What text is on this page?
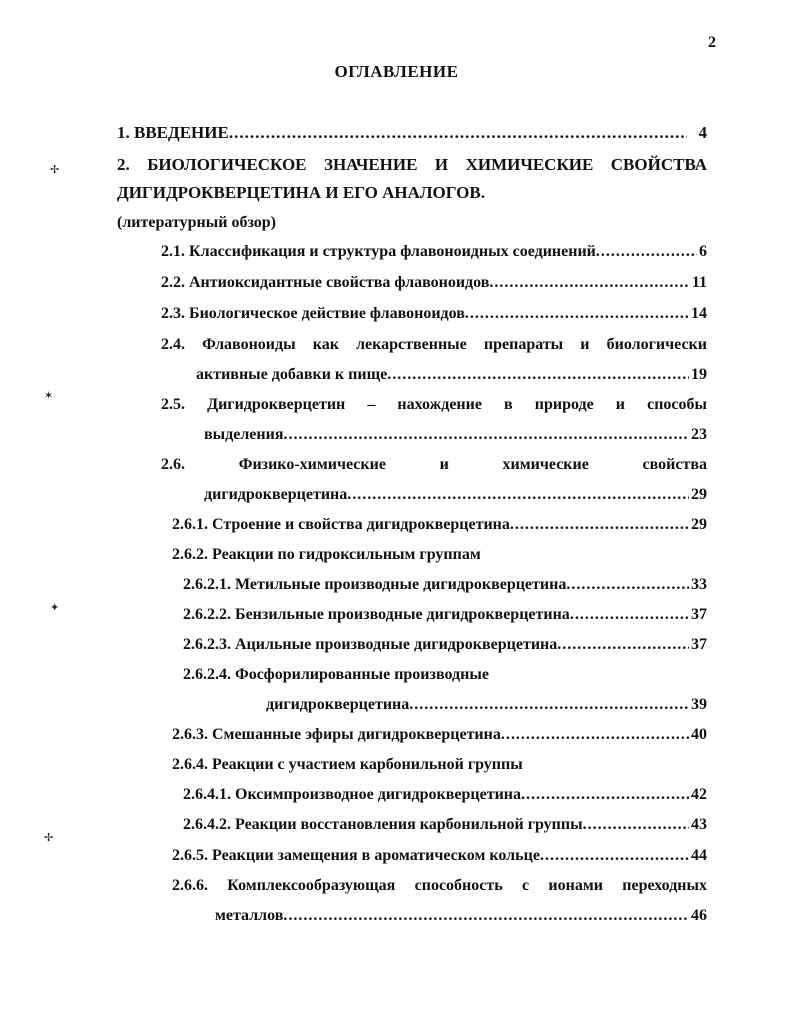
2
ОГЛАВЛЕНИЕ
1. ВВЕДЕНИЕ .....	4
2. БИОЛОГИЧЕСКОЕ ЗНАЧЕНИЕ И ХИМИЧЕСКИЕ СВОЙСТВА
ДИГИДРОКВЕРЦЕТИНА И ЕГО АНАЛОГОВ.
(литературный обзор)
2.1. Классификация и структура флавоноидных соединений .....	6
2.2. Антиоксидантные свойства флавоноидов .....	11
2.3. Биологическое действие флавоноидов .....	14
2.4. Флавоноиды как лекарственные препараты и биологически
активные добавки к пище .....	19
2.5. Дигидрокверцетин – нахождение в природе и способы
выделения .....	23
2.6. Физико-химические и химические свойства
дигидрокверцетина .....	29
2.6.1. Строение и свойства дигидрокверцетина .....	29
2.6.2. Реакции по гидроксильным группам
2.6.2.1. Метильные производные дигидрокверцетина .....	33
2.6.2.2. Бензильные производные дигидрокверцетина .....	37
2.6.2.3. Ацильные производные дигидрокверцетина .....	37
2.6.2.4. Фосфорилированные производные
дигидрокверцетина .....	39
2.6.3. Смешанные эфиры дигидрокверцетина .....	40
2.6.4. Реакции с участием карбонильной группы
2.6.4.1. Оксимпроизводное дигидрокверцетина .....	42
2.6.4.2. Реакции восстановления карбонильной группы .....	43
2.6.5. Реакции замещения в ароматическом кольце .....	44
2.6.6. Комплексообразующая способность с ионами переходных
металлов .....	46
✢
✶
✦
✢
